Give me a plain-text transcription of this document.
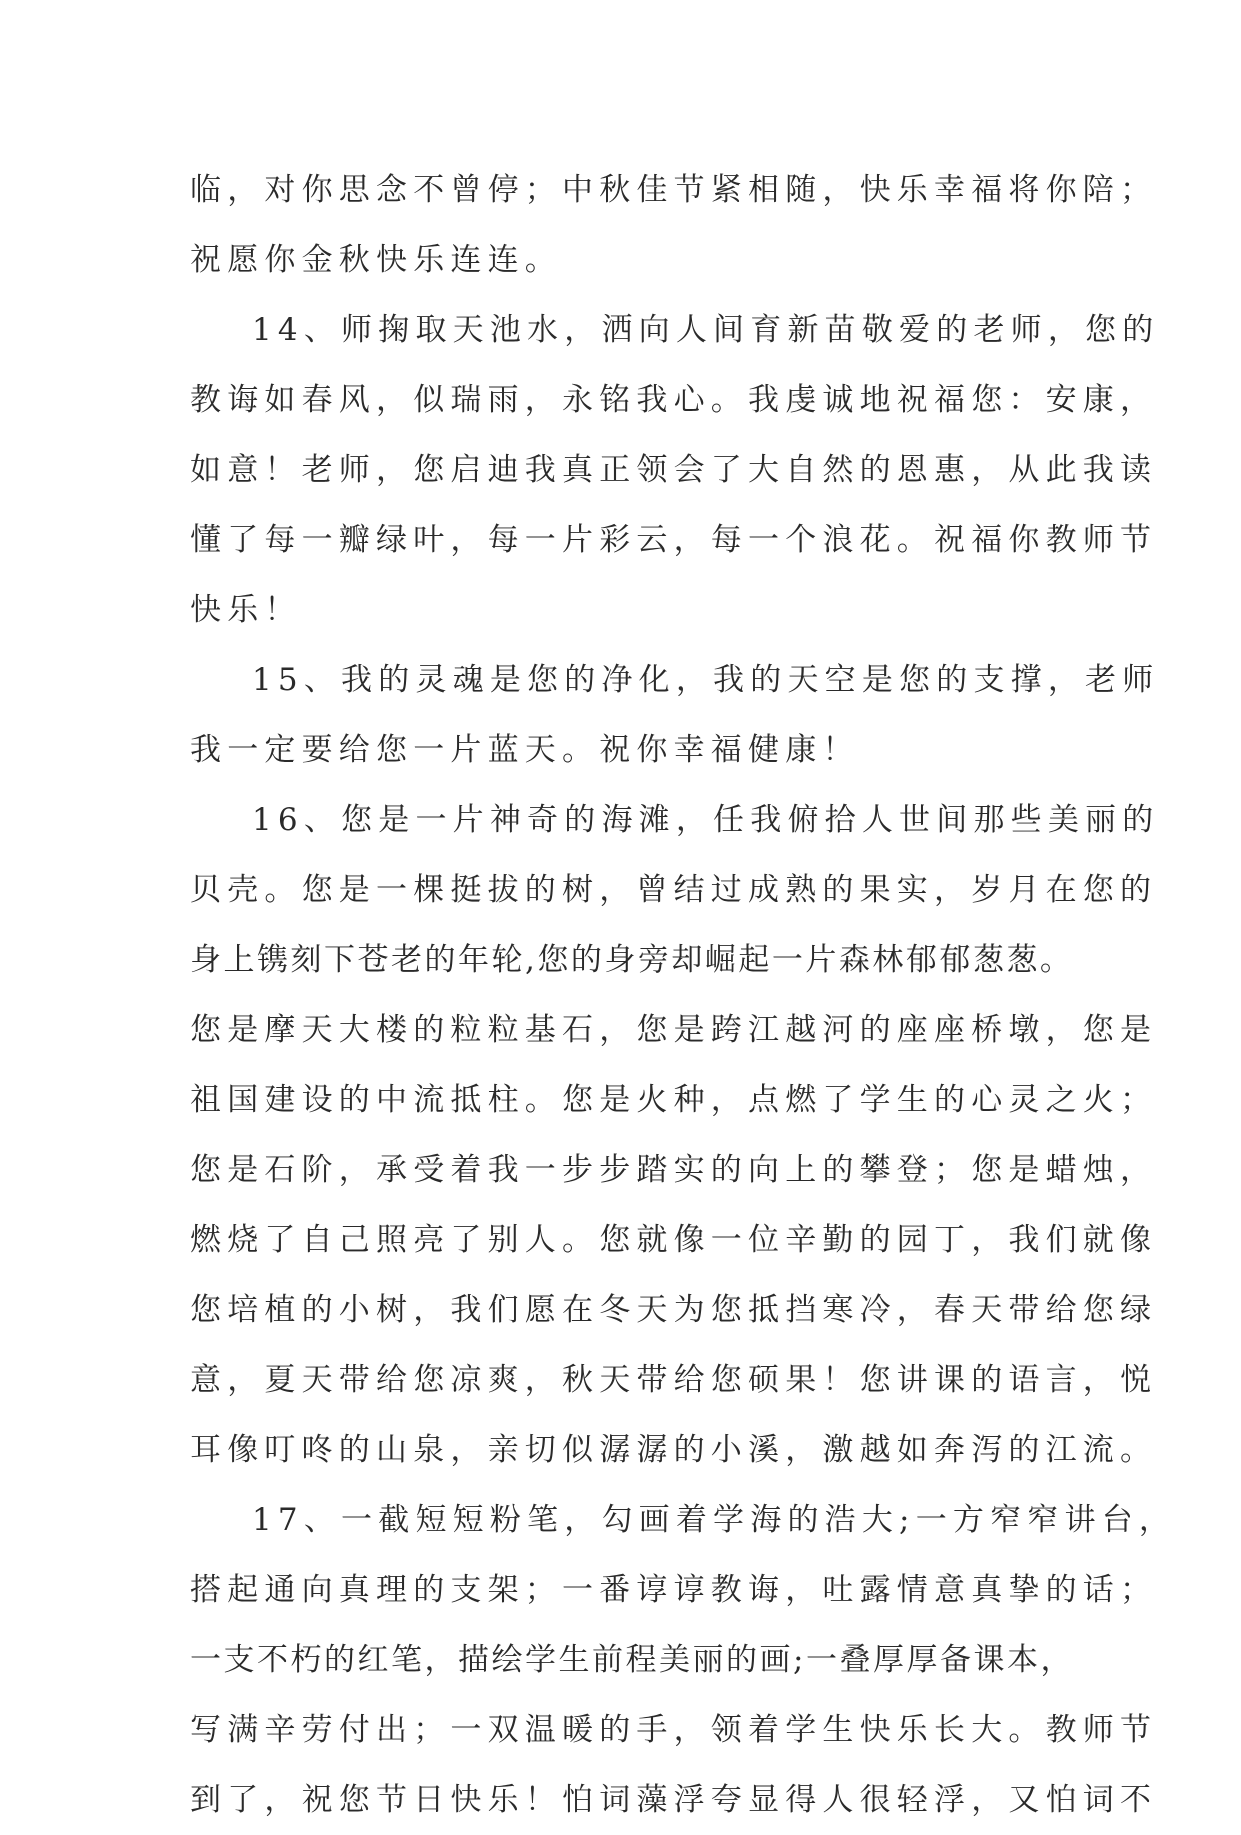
临，对你思念不曾停；中秋佳节紧相随，快乐幸福将你陪；
祝愿你金秋快乐连连。
14、师掬取天池水，洒向人间育新苗敬爱的老师，您的
教诲如春风，似瑞雨，永铭我心。我虔诚地祝福您：安康，
如意！老师，您启迪我真正领会了大自然的恩惠，从此我读
懂了每一瓣绿叶，每一片彩云，每一个浪花。祝福你教师节
快乐！
15、我的灵魂是您的净化，我的天空是您的支撑，老师
我一定要给您一片蓝天。祝你幸福健康！
16、您是一片神奇的海滩，任我俯拾人世间那些美丽的
贝壳。您是一棵挺拔的树，曾结过成熟的果实，岁月在您的
身上镌刻下苍老的年轮,您的身旁却崛起一片森林郁郁葱葱。
您是摩天大楼的粒粒基石，您是跨江越河的座座桥墩，您是
祖国建设的中流抵柱。您是火种，点燃了学生的心灵之火；
您是石阶，承受着我一步步踏实的向上的攀登；您是蜡烛，
燃烧了自己照亮了别人。您就像一位辛勤的园丁，我们就像
您培植的小树，我们愿在冬天为您抵挡寒冷，春天带给您绿
意，夏天带给您凉爽，秋天带给您硕果！您讲课的语言，悦
耳像叮咚的山泉，亲切似潺潺的小溪，激越如奔泻的江流。
17、一截短短粉笔，勾画着学海的浩大;一方窄窄讲台，
搭起通向真理的支架；一番谆谆教诲，吐露情意真挚的话；
一支不朽的红笔，描绘学生前程美丽的画;一叠厚厚备课本，
写满辛劳付出；一双温暖的手，领着学生快乐长大。教师节
到了，祝您节日快乐！怕词藻浮夸显得人很轻浮，又怕词不
